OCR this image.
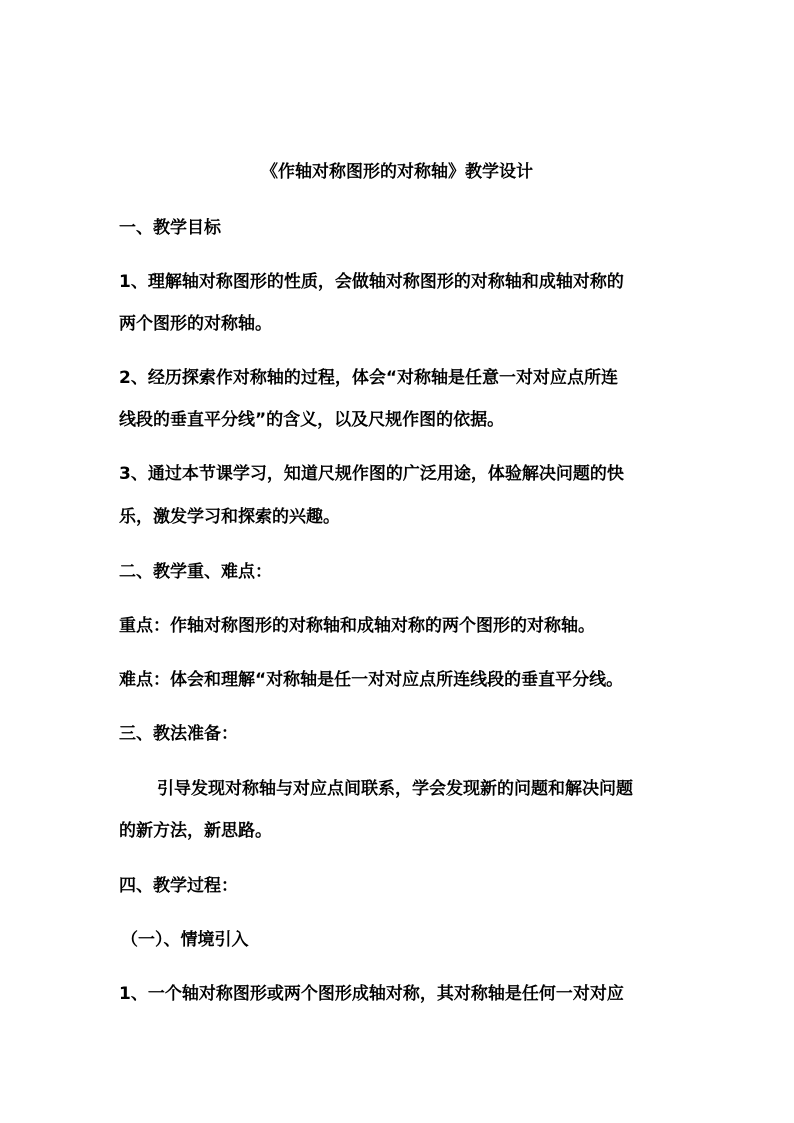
《作轴对称图形的对称轴》教学设计
一、教学目标
1、理解轴对称图形的性质，会做轴对称图形的对称轴和成轴对称的
两个图形的对称轴。
2、经历探索作对称轴的过程，体会“对称轴是任意一对对应点所连
线段的垂直平分线”的含义，以及尺规作图的依据。
3、通过本节课学习，知道尺规作图的广泛用途，体验解决问题的快
乐，激发学习和探索的兴趣。
二、教学重、难点：
重点：作轴对称图形的对称轴和成轴对称的两个图形的对称轴。
难点：体会和理解“对称轴是任一对对应点所连线段的垂直平分线。
三、教法准备：
引导发现对称轴与对应点间联系，学会发现新的问题和解决问题
的新方法，新思路。
四、教学过程：
（一）、情境引入
1、一个轴对称图形或两个图形成轴对称，其对称轴是任何一对对应
